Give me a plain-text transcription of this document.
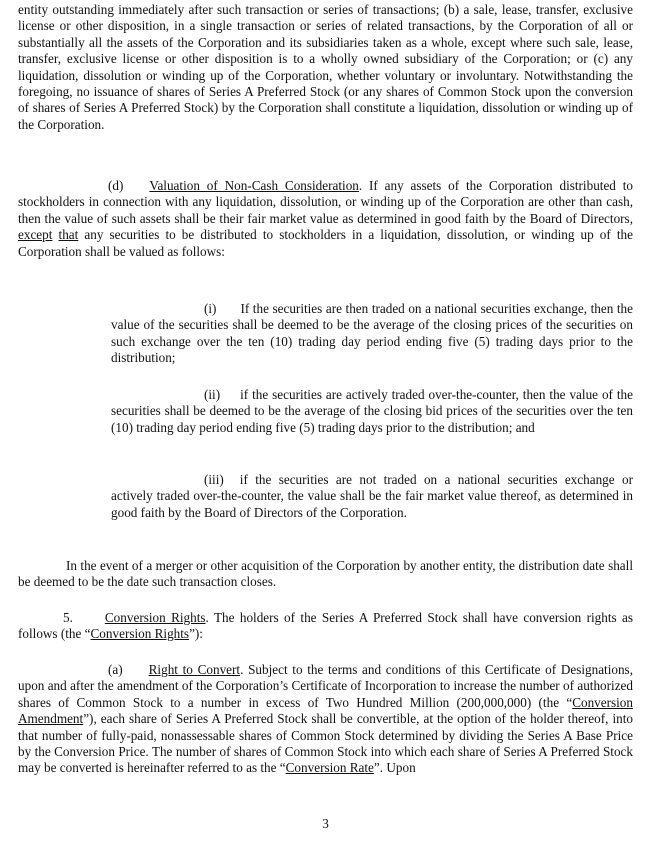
entity outstanding immediately after such transaction or series of transactions; (b) a sale, lease, transfer, exclusive license or other disposition, in a single transaction or series of related transactions, by the Corporation of all or substantially all the assets of the Corporation and its subsidiaries taken as a whole, except where such sale, lease, transfer, exclusive license or other disposition is to a wholly owned subsidiary of the Corporation; or (c) any liquidation, dissolution or winding up of the Corporation, whether voluntary or involuntary. Notwithstanding the foregoing, no issuance of shares of Series A Preferred Stock (or any shares of Common Stock upon the conversion of shares of Series A Preferred Stock) by the Corporation shall constitute a liquidation, dissolution or winding up of the Corporation.

(d) Valuation of Non-Cash Consideration. If any assets of the Corporation distributed to stockholders in connection with any liquidation, dissolution, or winding up of the Corporation are other than cash, then the value of such assets shall be their fair market value as determined in good faith by the Board of Directors, except that any securities to be distributed to stockholders in a liquidation, dissolution, or winding up of the Corporation shall be valued as follows:

(i) If the securities are then traded on a national securities exchange, then the value of the securities shall be deemed to be the average of the closing prices of the securities on such exchange over the ten (10) trading day period ending five (5) trading days prior to the distribution;

(ii) if the securities are actively traded over-the-counter, then the value of the securities shall be deemed to be the average of the closing bid prices of the securities over the ten (10) trading day period ending five (5) trading days prior to the distribution; and

(iii) if the securities are not traded on a national securities exchange or actively traded over-the-counter, the value shall be the fair market value thereof, as determined in good faith by the Board of Directors of the Corporation.

In the event of a merger or other acquisition of the Corporation by another entity, the distribution date shall be deemed to be the date such transaction closes.

5. Conversion Rights. The holders of the Series A Preferred Stock shall have conversion rights as follows (the “Conversion Rights”):

(a) Right to Convert. Subject to the terms and conditions of this Certificate of Designations, upon and after the amendment of the Corporation’s Certificate of Incorporation to increase the number of authorized shares of Common Stock to a number in excess of Two Hundred Million (200,000,000) (the “Conversion Amendment”), each share of Series A Preferred Stock shall be convertible, at the option of the holder thereof, into that number of fully-paid, nonassessable shares of Common Stock determined by dividing the Series A Base Price by the Conversion Price. The number of shares of Common Stock into which each share of Series A Preferred Stock may be converted is hereinafter referred to as the “Conversion Rate”. Upon

3
